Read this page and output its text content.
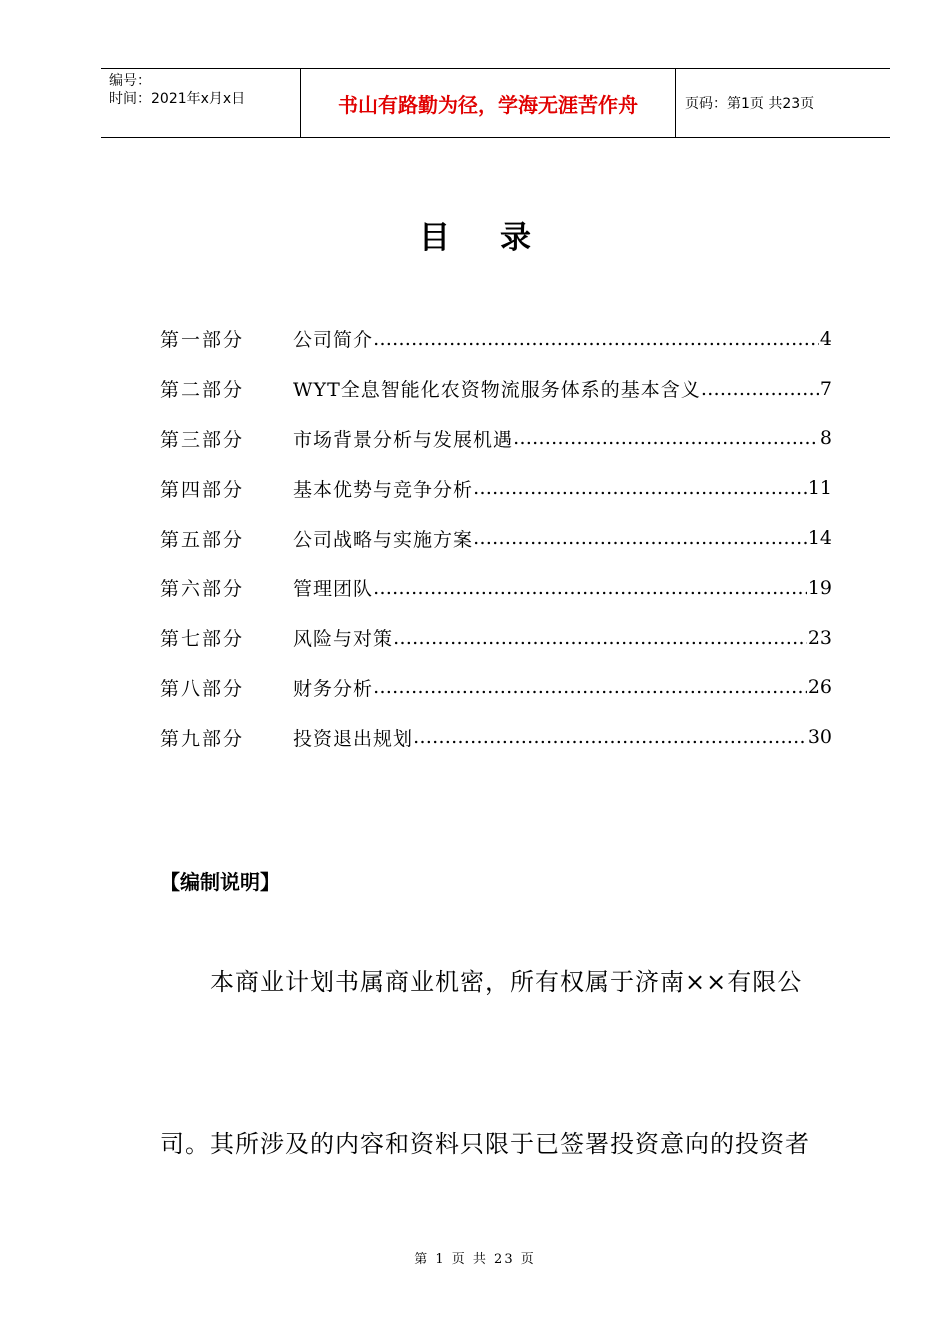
编号：
时间：2021年x月x日	书山有路勤为径，学海无涯苦作舟	页码：第1页 共23页
目录
第一部分	公司简介 …………………………………………………………………………………………………………………………………………	4
第二部分	WYT全息智能化农资物流服务体系的基本含义 …………………………………………………………………………………………………………………………………………	7
第三部分	市场背景分析与发展机遇 …………………………………………………………………………………………………………………………………………	8
第四部分	基本优势与竞争分析 …………………………………………………………………………………………………………………………………………	11
第五部分	公司战略与实施方案 …………………………………………………………………………………………………………………………………………	14
第六部分	管理团队 …………………………………………………………………………………………………………………………………………	19
第七部分	风险与对策 …………………………………………………………………………………………………………………………………………	23
第八部分	财务分析 …………………………………………………………………………………………………………………………………………	26
第九部分	投资退出规划 …………………………………………………………………………………………………………………………………………	30
【编制说明】
本商业计划书属商业机密，所有权属于济南××有限公
司。其所涉及的内容和资料只限于已签署投资意向的投资者
第 1 页 共 23 页
